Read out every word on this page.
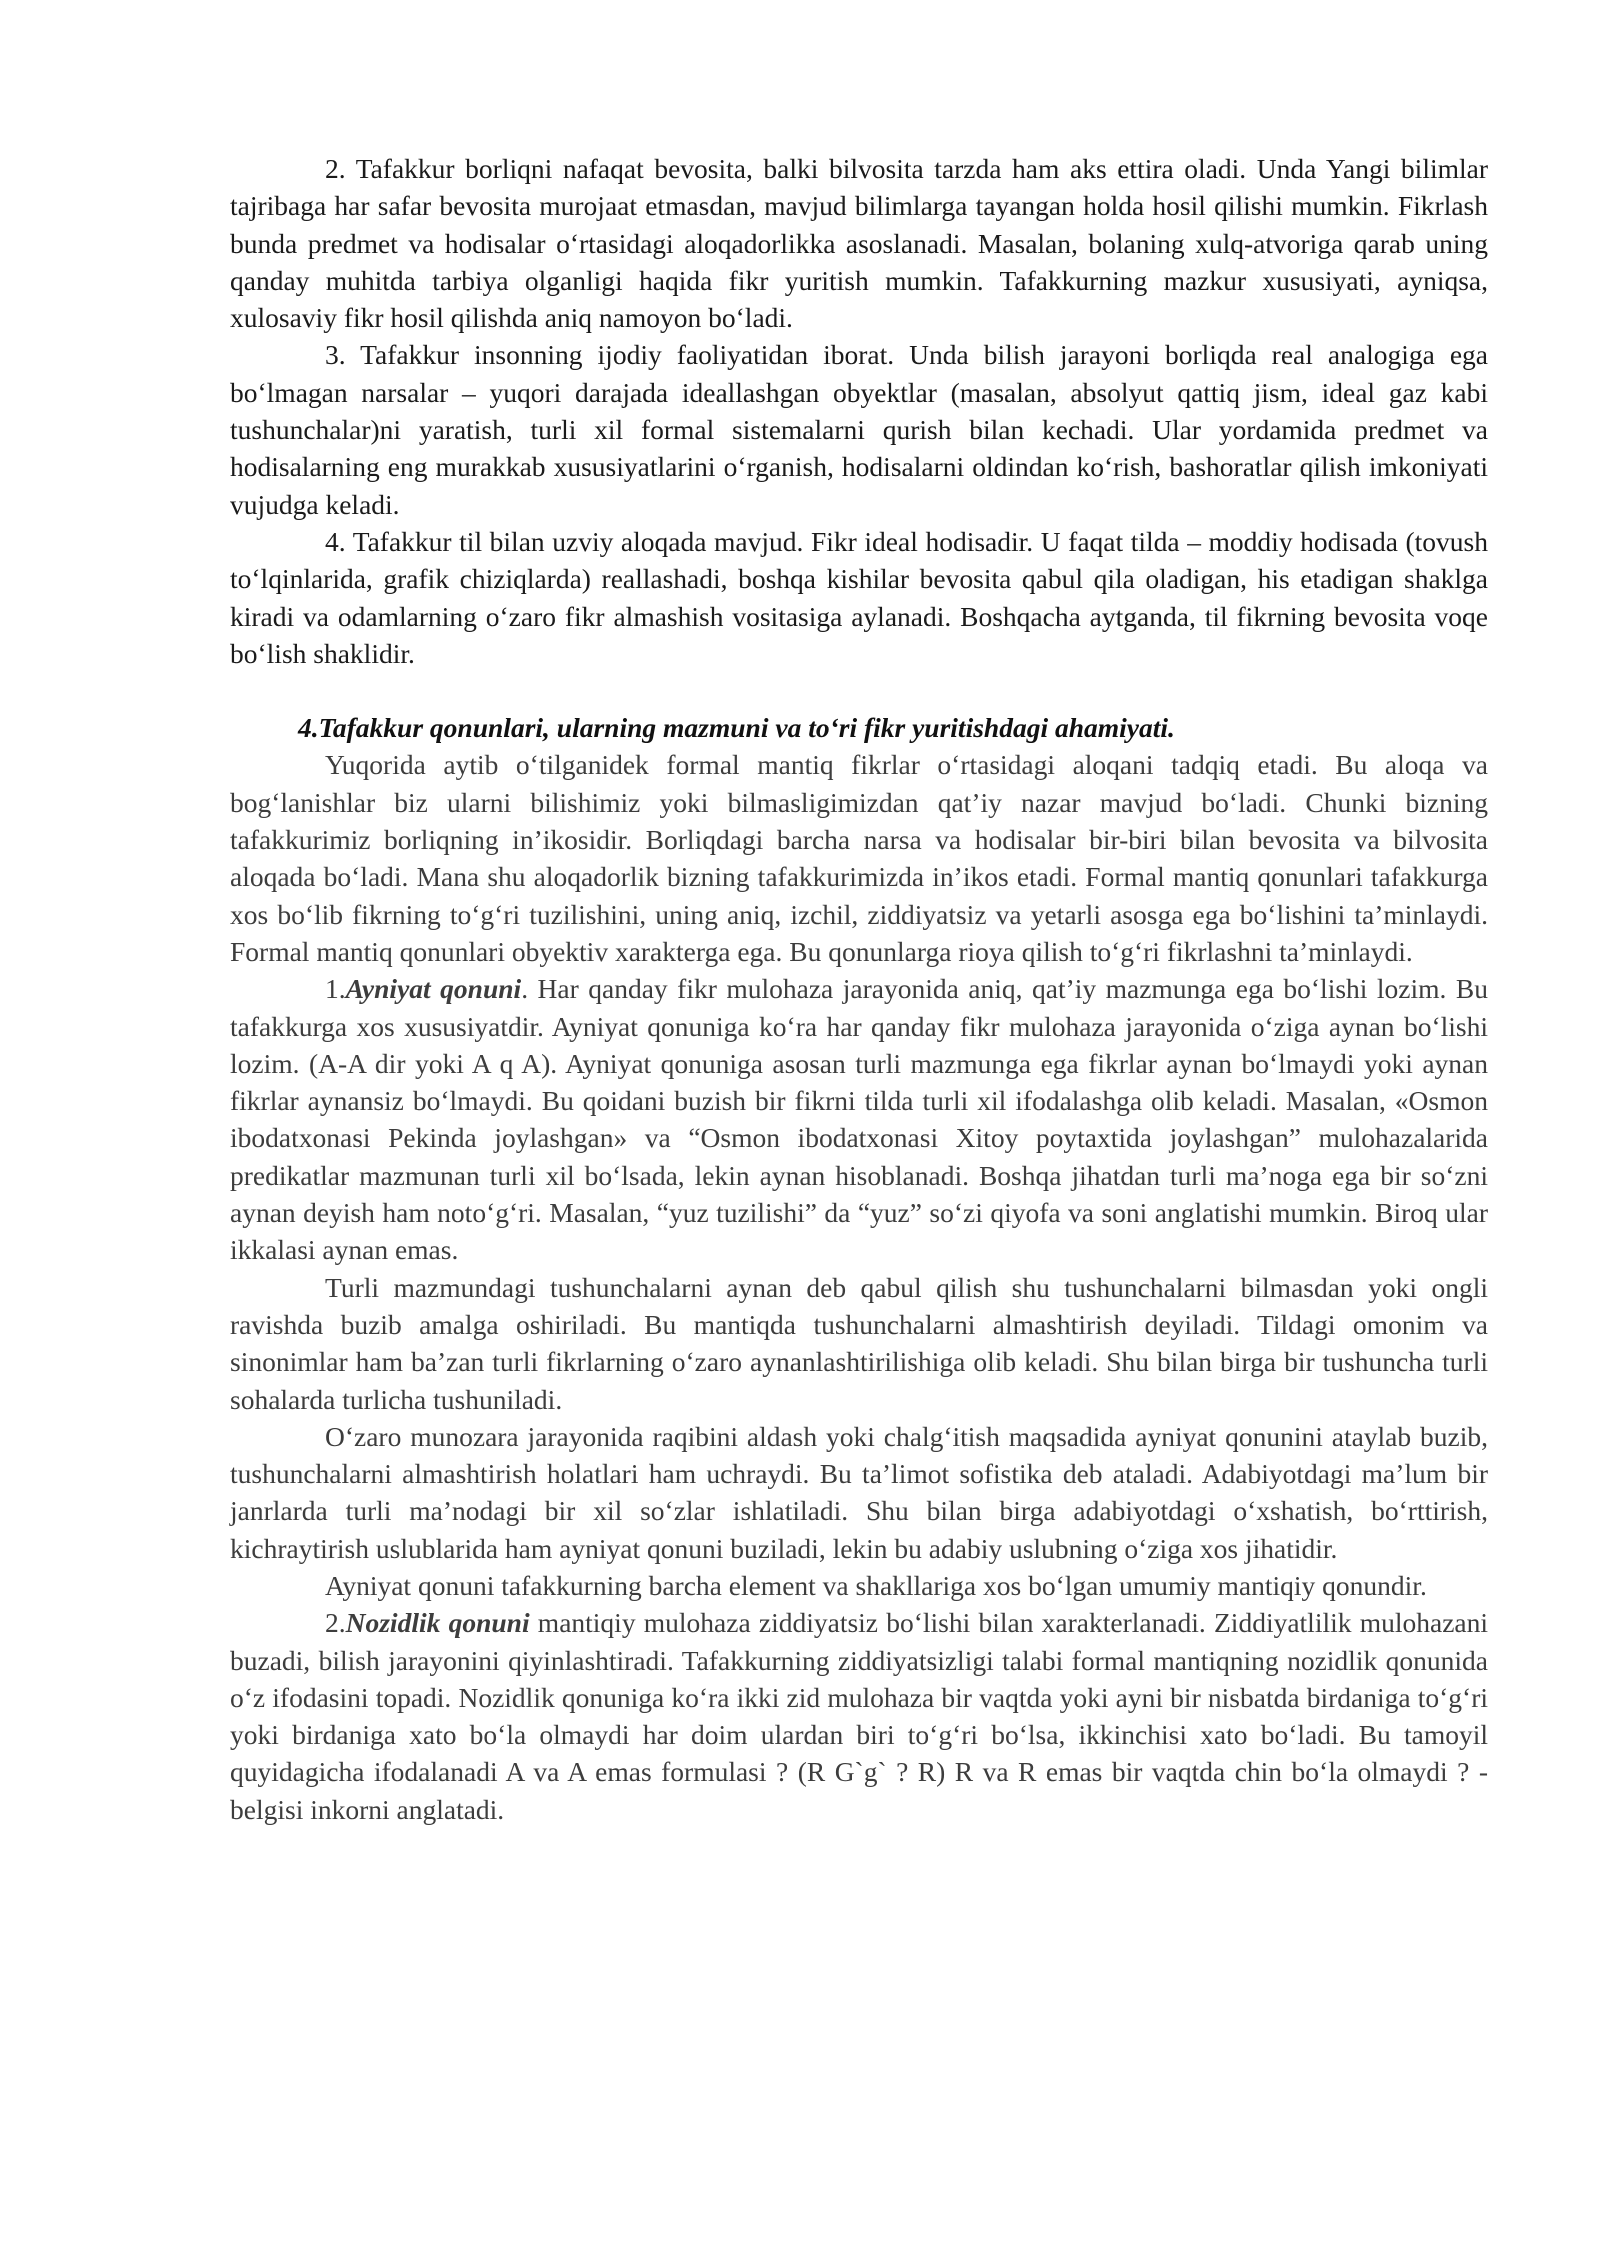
2. Tafakkur borliqni nafaqat bevosita, balki bilvosita tarzda ham aks ettira oladi. Unda Yangi bilimlar tajribaga har safar bevosita murojaat etmasdan, mavjud bilimlarga tayangan holda hosil qilishi mumkin. Fikrlash bunda predmet va hodisalar o‘rtasidagi aloqadorlikka asoslanadi. Masalan, bolaning xulq-atvoriga qarab uning qanday muhitda tarbiya olganligi haqida fikr yuritish mumkin. Tafakkurning mazkur xususiyati, ayniqsa, xulosaviy fikr hosil qilishda aniq namoyon bo‘ladi.

3. Tafakkur insonning ijodiy faoliyatidan iborat. Unda bilish jarayoni borliqda real analogiga ega bo‘lmagan narsalar – yuqori darajada ideallashgan obyektlar (masalan, absolyut qattiq jism, ideal gaz kabi tushunchalar)ni yaratish, turli xil formal sistemalarni qurish bilan kechadi. Ular yordamida predmet va hodisalarning eng murakkab xususiyatlarini o‘rganish, hodisalarni oldindan ko‘rish, bashoratlar qilish imkoniyati vujudga keladi.

4. Tafakkur til bilan uzviy aloqada mavjud. Fikr ideal hodisadir. U faqat tilda – moddiy hodisada (tovush to‘lqinlarida, grafik chiziqlarda) reallashadi, boshqa kishilar bevosita qabul qila oladigan, his etadigan shaklga kiradi va odamlarning o‘zaro fikr almashish vositasiga aylanadi. Boshqacha aytganda, til fikrning bevosita voqe bo‘lish shaklidir.

4.Tafakkur qonunlari, ularning mazmuni va to‘ri fikr yuritishdagi ahamiyati.

Yuqorida aytib o‘tilganidek formal mantiq fikrlar o‘rtasidagi aloqani tadqiq etadi. Bu aloqa va bog‘lanishlar biz ularni bilishimiz yoki bilmasligimizdan qat’iy nazar mavjud bo‘ladi. Chunki bizning tafakkurimiz borliqning in’ikosidir. Borliqdagi barcha narsa va hodisalar bir-biri bilan bevosita va bilvosita aloqada bo‘ladi. Mana shu aloqadorlik bizning tafakkurimizda in’ikos etadi. Formal mantiq qonunlari tafakkurga xos bo‘lib fikrning to‘g‘ri tuzilishini, uning aniq, izchil, ziddiyatsiz va yetarli asosga ega bo‘lishini ta’minlaydi. Formal mantiq qonunlari obyektiv xarakterga ega. Bu qonunlarga rioya qilish to‘g‘ri fikrlashni ta’minlaydi.

1.Ayniyat qonuni. Har qanday fikr mulohaza jarayonida aniq, qat’iy mazmunga ega bo‘lishi lozim. Bu tafakkurga xos xususiyatdir. Ayniyat qonuniga ko‘ra har qanday fikr mulohaza jarayonida o‘ziga aynan bo‘lishi lozim. (A-A dir yoki A q A). Ayniyat qonuniga asosan turli mazmunga ega fikrlar aynan bo‘lmaydi yoki aynan fikrlar aynansiz bo‘lmaydi. Bu qoidani buzish bir fikrni tilda turli xil ifodalashga olib keladi. Masalan, «Osmon ibodatxonasi Pekinda joylashgan» va “Osmon ibodatxonasi Xitoy poytaxtida joylashgan” mulohazalarida predikatlar mazmunan turli xil bo‘lsada, lekin aynan hisoblanadi. Boshqa jihatdan turli ma’noga ega bir so‘zni aynan deyish ham noto‘g‘ri. Masalan, “yuz tuzilishi” da “yuz” so‘zi qiyofa va soni anglatishi mumkin. Biroq ular ikkalasi aynan emas.

Turli mazmundagi tushunchalarni aynan deb qabul qilish shu tushunchalarni bilmasdan yoki ongli ravishda buzib amalga oshiriladi. Bu mantiqda tushunchalarni almashtirish deyiladi. Tildagi omonim va sinonimlar ham ba’zan turli fikrlarning o‘zaro aynanlashtirilishiga olib keladi. Shu bilan birga bir tushuncha turli sohalarda turlicha tushuniladi.

O‘zaro munozara jarayonida raqibini aldash yoki chalg‘itish maqsadida ayniyat qonunini ataylab buzib, tushunchalarni almashtirish holatlari ham uchraydi. Bu ta’limot sofistika deb ataladi. Adabiyotdagi ma’lum bir janrlarda turli ma’nodagi bir xil so‘zlar ishlatiladi. Shu bilan birga adabiyotdagi o‘xshatish, bo‘rttirish, kichraytirish uslublarida ham ayniyat qonuni buziladi, lekin bu adabiy uslubning o‘ziga xos jihatidir.

Ayniyat qonuni tafakkurning barcha element va shakllariga xos bo‘lgan umumiy mantiqiy qonundir.

2.Nozidlik qonuni mantiqiy mulohaza ziddiyatsiz bo‘lishi bilan xarakterlanadi. Ziddiyatlilik mulohazani buzadi, bilish jarayonini qiyinlashtiradi. Tafakkurning ziddiyatsizligi talabi formal mantiqning nozidlik qonunida o‘z ifodasini topadi. Nozidlik qonuniga ko‘ra ikki zid mulohaza bir vaqtda yoki ayni bir nisbatda birdaniga to‘g‘ri yoki birdaniga xato bo‘la olmaydi har doim ulardan biri to‘g‘ri bo‘lsa, ikkinchisi xato bo‘ladi. Bu tamoyil quyidagicha ifodalanadi A va A emas formulasi ? (R G`g` ? R) R va R emas bir vaqtda chin bo‘la olmaydi ? - belgisi inkorni anglatadi.
